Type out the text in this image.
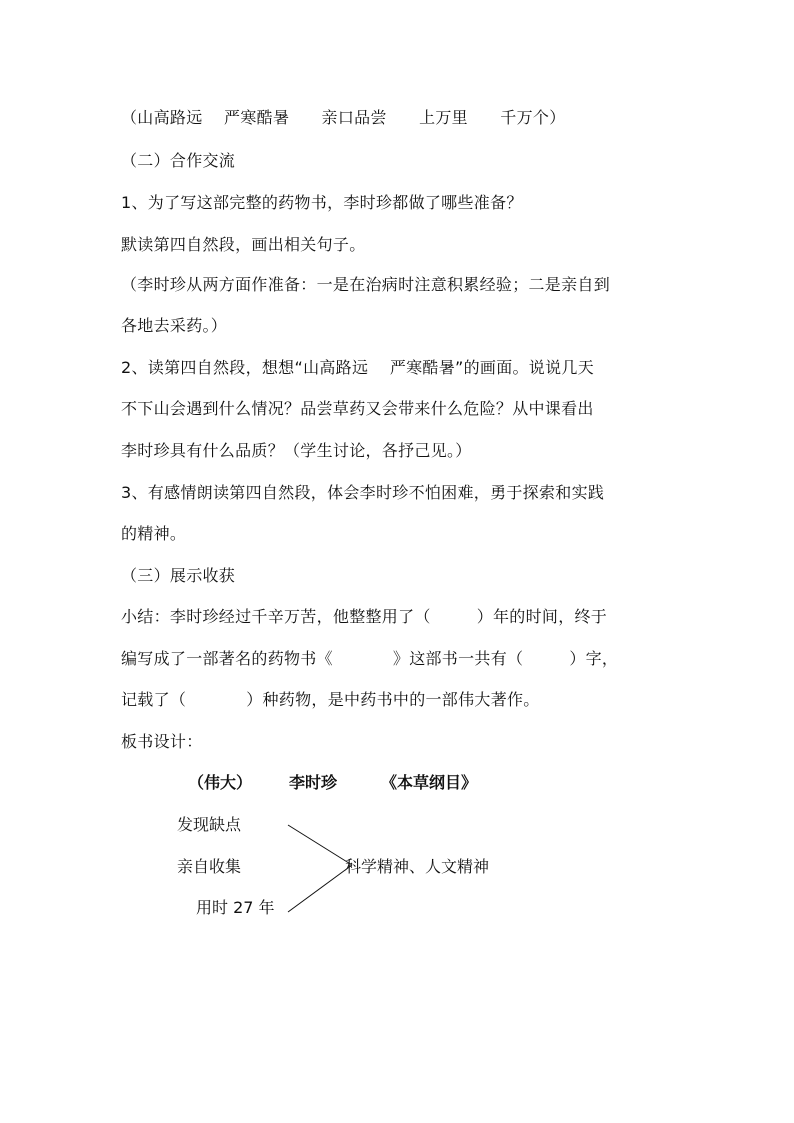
（山高路远    严寒酷暑      亲口品尝      上万里      千万个）
（二）合作交流
1、为了写这部完整的药物书，李时珍都做了哪些准备？
默读第四自然段，画出相关句子。
（李时珍从两方面作准备：一是在治病时注意积累经验；二是亲自到
各地去采药。）
2、读第四自然段，想想“山高路远    严寒酷暑”的画面。说说几天
不下山会遇到什么情况？品尝草药又会带来什么危险？从中课看出
李时珍具有什么品质？（学生讨论，各抒己见。）
3、有感情朗读第四自然段，体会李时珍不怕困难，勇于探索和实践
的精神。
（三）展示收获
小结：李时珍经过千辛万苦，他整整用了（	）年的时间，终于
编写成了一部著名的药物书《	》这部书一共有（	）字，
记载了（	）种药物，是中药书中的一部伟大著作。
板书设计：
（伟大） 李时珍	《本草纲目》
发现缺点
亲自收集
用时 27 年
科学精神、人文精神
